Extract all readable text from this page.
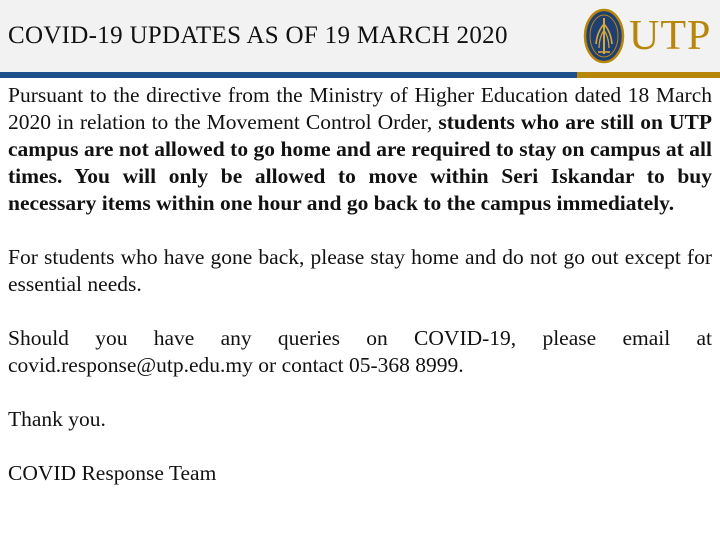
COVID-19 UPDATES AS OF 19 MARCH 2020	UTP

Pursuant to the directive from the Ministry of Higher Education dated 18 March 2020 in relation to the Movement Control Order, students who are still on UTP campus are not allowed to go home and are required to stay on campus at all times. You will only be allowed to move within Seri Iskandar to buy necessary items within one hour and go back to the campus immediately.

For students who have gone back, please stay home and do not go out except for essential needs.

Should you have any queries on COVID-19, please email at covid.response@utp.edu.my or contact 05-368 8999.

Thank you.

COVID Response Team
